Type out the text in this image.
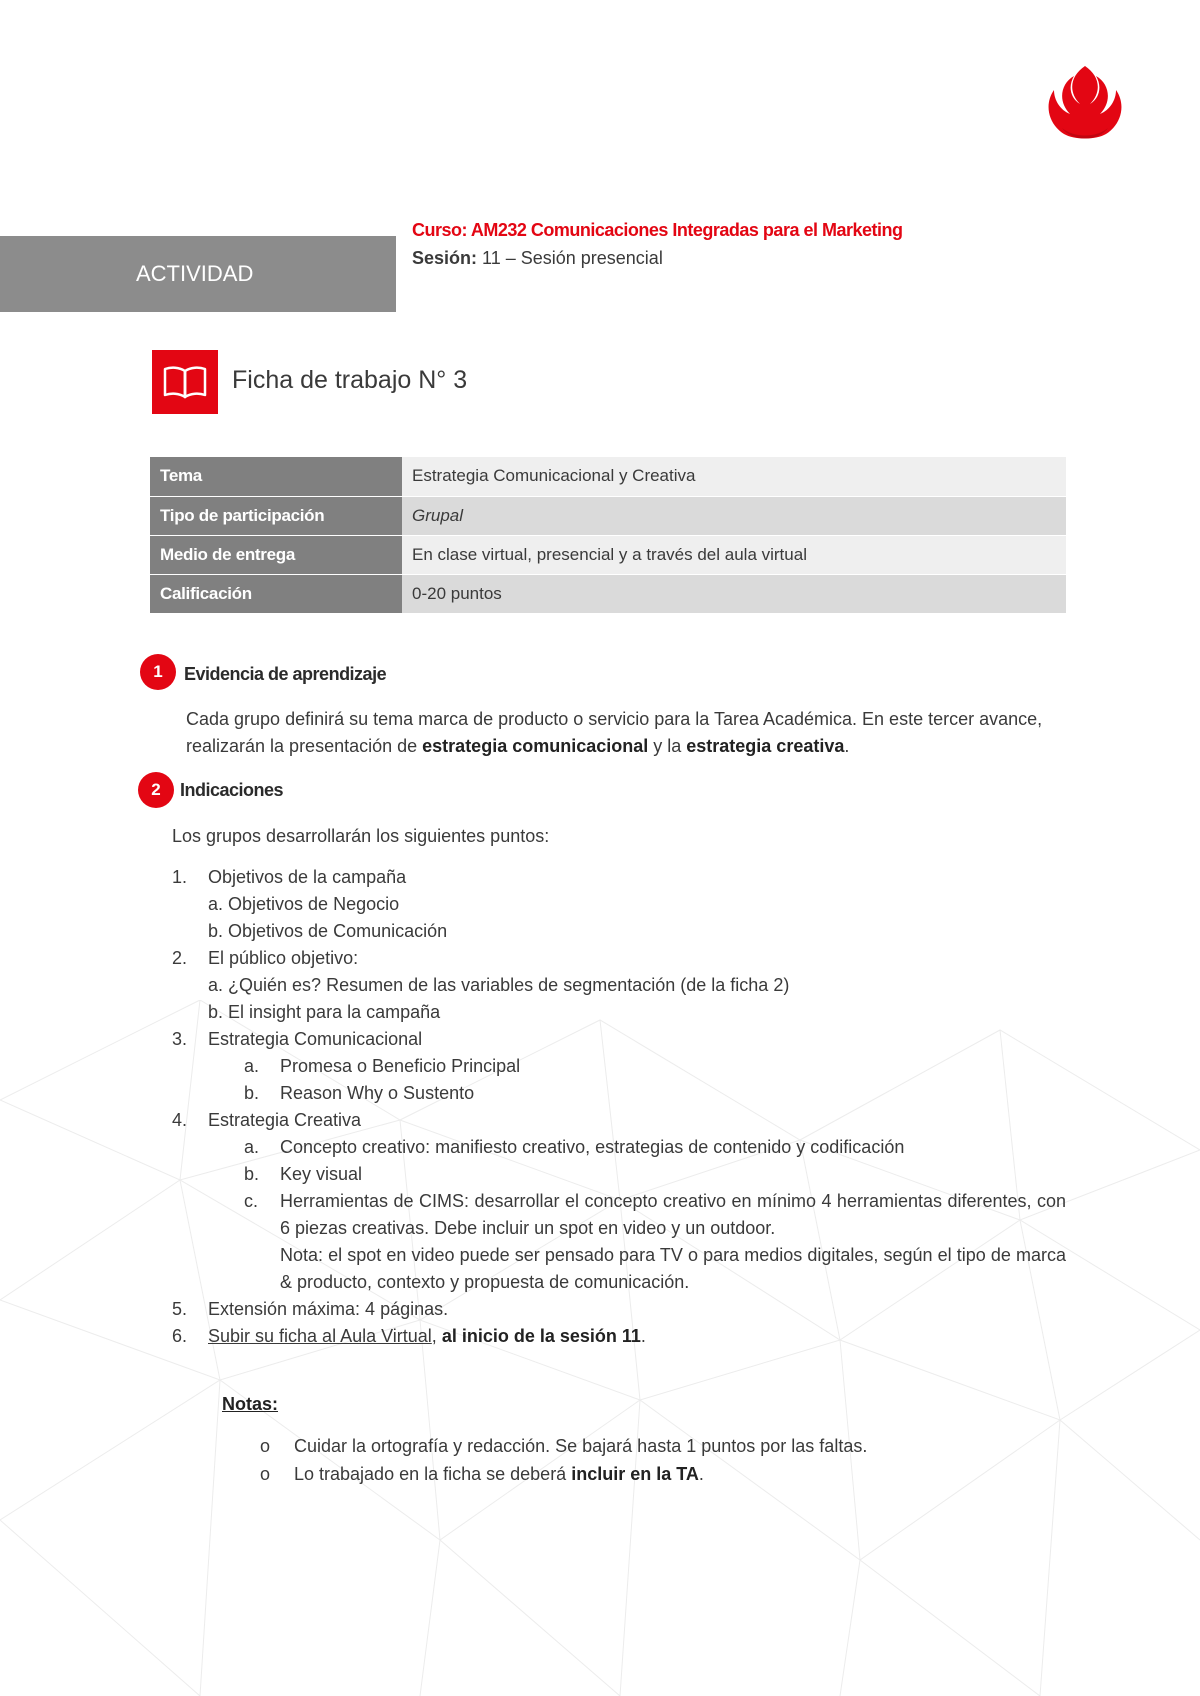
ACTIVIDAD
Curso: AM232 Comunicaciones Integradas para el Marketing
Sesión: 11 – Sesión presencial
Ficha de trabajo N° 3
Tema	Estrategia Comunicacional y Creativa
Tipo de participación	Grupal
Medio de entrega	En clase virtual, presencial y a través del aula virtual
Calificación	0-20 puntos
1	Evidencia de aprendizaje
Cada grupo definirá su tema marca de producto o servicio para la Tarea Académica. En este tercer avance, realizarán la presentación de estrategia comunicacional y la estrategia creativa.
2	Indicaciones
Los grupos desarrollarán los siguientes puntos:
1. Objetivos de la campaña
a. Objetivos de Negocio
b. Objetivos de Comunicación
2. El público objetivo:
a. ¿Quién es? Resumen de las variables de segmentación (de la ficha 2)
b. El insight para la campaña
3. Estrategia Comunicacional
a. Promesa o Beneficio Principal
b. Reason Why o Sustento
4. Estrategia Creativa
a. Concepto creativo: manifiesto creativo, estrategias de contenido y codificación
b. Key visual
c. Herramientas de CIMS: desarrollar el concepto creativo en mínimo 4 herramientas diferentes, con 6 piezas creativas. Debe incluir un spot en video y un outdoor.
Nota: el spot en video puede ser pensado para TV o para medios digitales, según el tipo de marca & producto, contexto y propuesta de comunicación.
5. Extensión máxima: 4 páginas.
6. Subir su ficha al Aula Virtual, al inicio de la sesión 11.
Notas:
o Cuidar la ortografía y redacción. Se bajará hasta 1 puntos por las faltas.
o Lo trabajado en la ficha se deberá incluir en la TA.
